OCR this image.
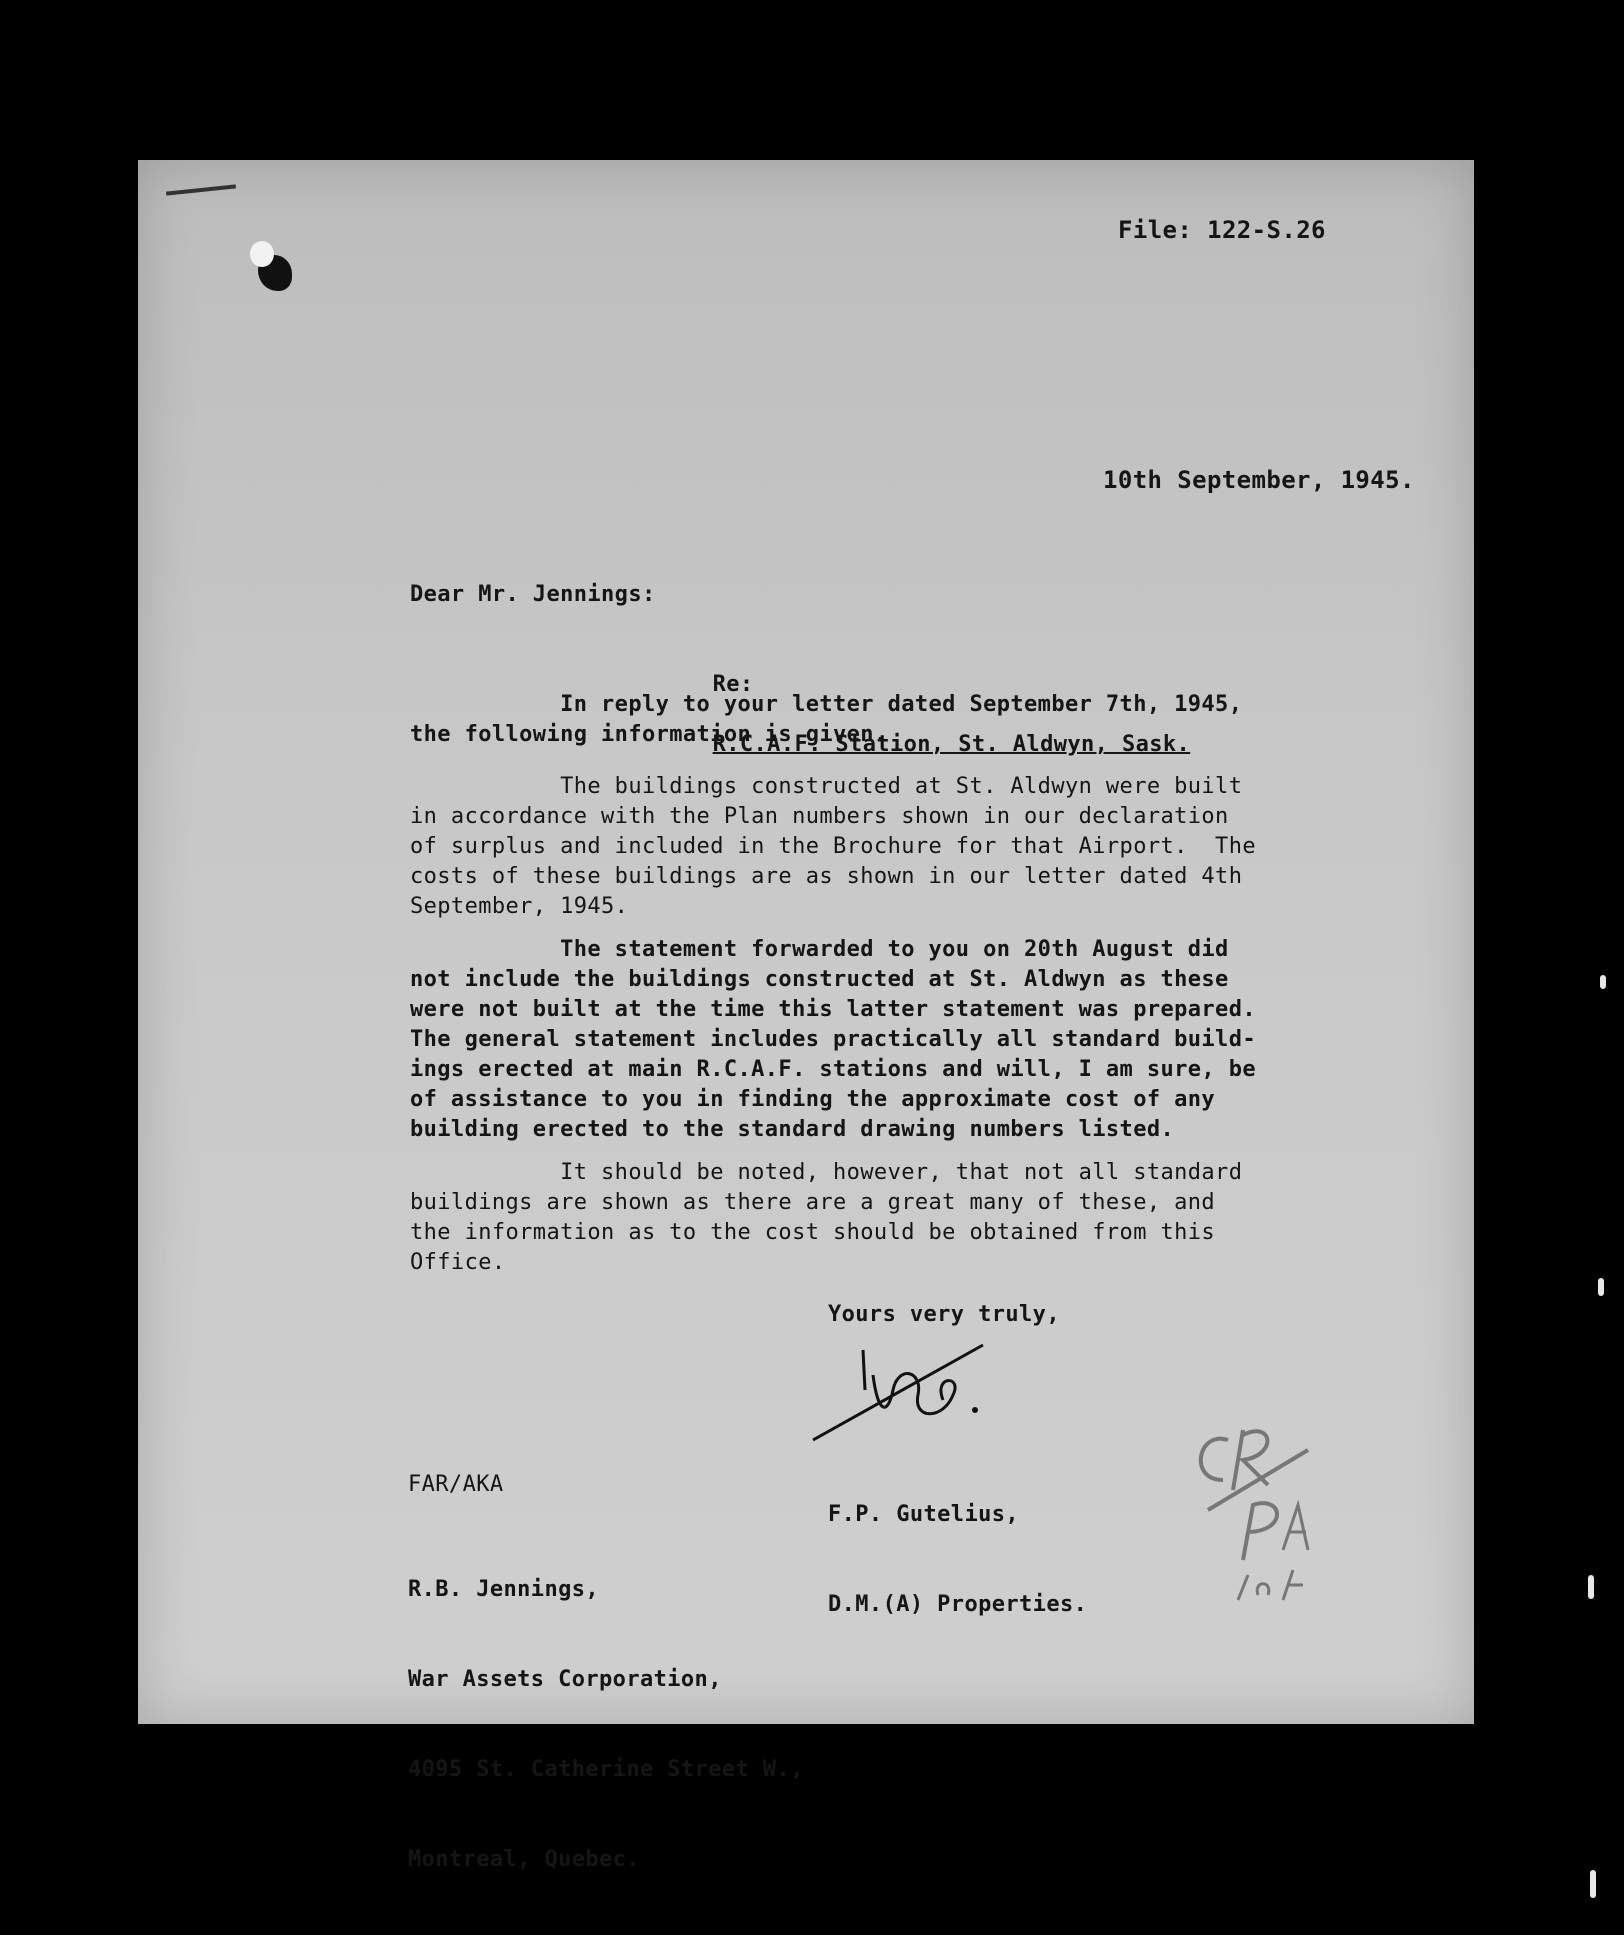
File: 122-S.26
10th September, 1945.
Dear Mr. Jennings:

Re:

R.C.A.F. Station, St. Aldwyn, Sask.

In reply to your letter dated September 7th, 1945,
the following information is given.
The buildings constructed at St. Aldwyn were built
in accordance with the Plan numbers shown in our declaration
of surplus and included in the Brochure for that Airport.  The
costs of these buildings are as shown in our letter dated 4th
September, 1945.
The statement forwarded to you on 20th August did
not include the buildings constructed at St. Aldwyn as these
were not built at the time this latter statement was prepared.
The general statement includes practically all standard build-
ings erected at main R.C.A.F. stations and will, I am sure, be
of assistance to you in finding the approximate cost of any
building erected to the standard drawing numbers listed.
It should be noted, however, that not all standard
buildings are shown as there are a great many of these, and
the information as to the cost should be obtained from this
Office.
Yours very truly,

F.P. Gutelius,

D.M.(A) Properties.

FAR/AKA

R.B. Jennings,

War Assets Corporation,

4095 St. Catherine Street W.,

Montreal, Quebec.
